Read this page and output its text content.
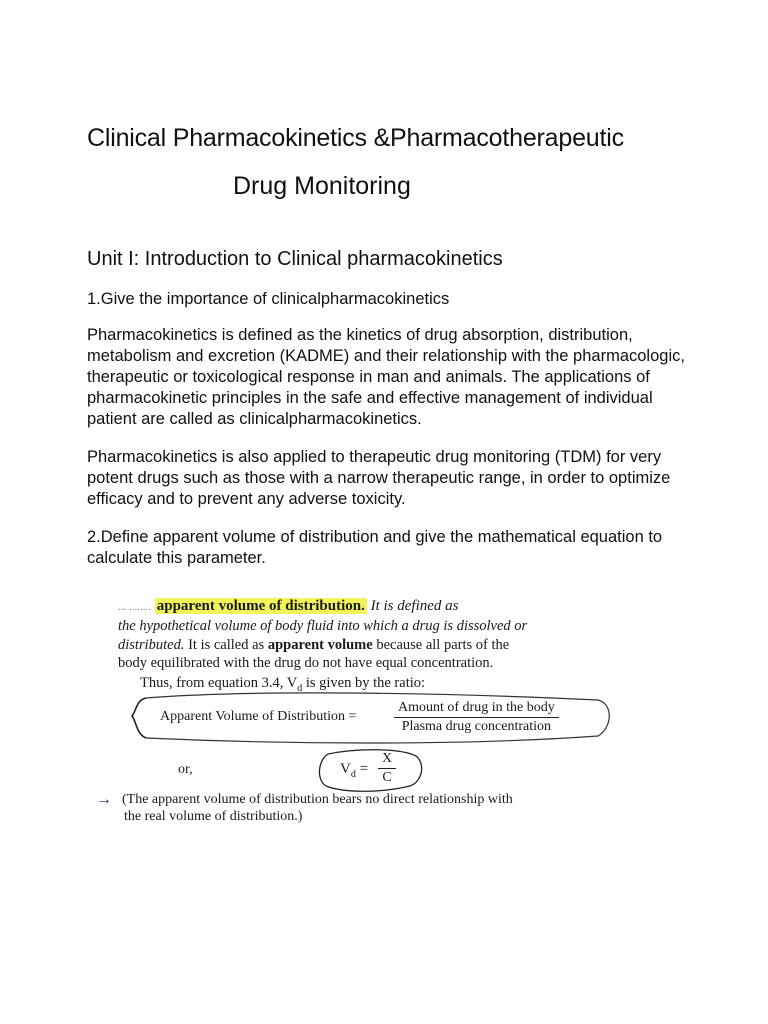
Clinical Pharmacokinetics &Pharmacotherapeutic
Drug Monitoring
Unit I: Introduction to Clinical pharmacokinetics
1.Give the importance of clinicalpharmacokinetics
Pharmacokinetics is defined as the kinetics of drug absorption, distribution, metabolism and excretion (KADME) and their relationship with the pharmacologic, therapeutic or toxicological response in man and animals. The applications of pharmacokinetic principles in the safe and effective management of individual patient are called as clinicalpharmacokinetics.
Pharmacokinetics is also applied to therapeutic drug monitoring (TDM) for very potent drugs such as those with a narrow therapeutic range, in order to optimize efficacy and to prevent any adverse toxicity.
2.Define apparent volume of distribution and give the mathematical equation to calculate this parameter.
... ........ apparent volume of distribution. It is defined as
the hypothetical volume of body fluid into which a drug is dissolved or
distributed. It is called as apparent volume because all parts of the
body equilibrated with the drug do not have equal concentration.
Thus, from equation 3.4, $V_d$ is given by the ratio:
Apparent Volume of Distribution =
Amount of drug in the body
Plasma drug concentration
or,	$V_d = \frac{X}{C}$
→ (The apparent volume of distribution bears no direct relationship with
the real volume of distribution.)
